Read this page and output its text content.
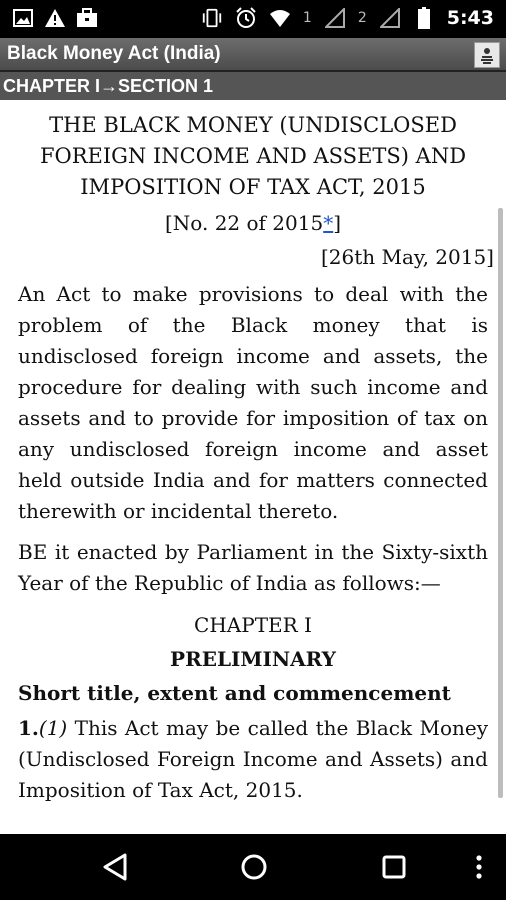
1	2	5:43
Black Money Act (India)
CHAPTER I→SECTION 1
THE BLACK MONEY (UNDISCLOSED FOREIGN INCOME AND ASSETS) AND IMPOSITION OF TAX ACT, 2015
[No. 22 of 2015*]
[26th May, 2015]
An Act to make provisions to deal with the problem of the Black money that is undisclosed foreign income and assets, the procedure for dealing with such income and assets and to provide for imposition of tax on any undisclosed foreign income and asset held outside India and for matters connected therewith or incidental thereto.
BE it enacted by Parliament in the Sixty-sixth Year of the Republic of India as follows:—
CHAPTER I
PRELIMINARY
Short title, extent and commencement
1.(1) This Act may be called the Black Money (Undisclosed Foreign Income and Assets) and Imposition of Tax Act, 2015.
